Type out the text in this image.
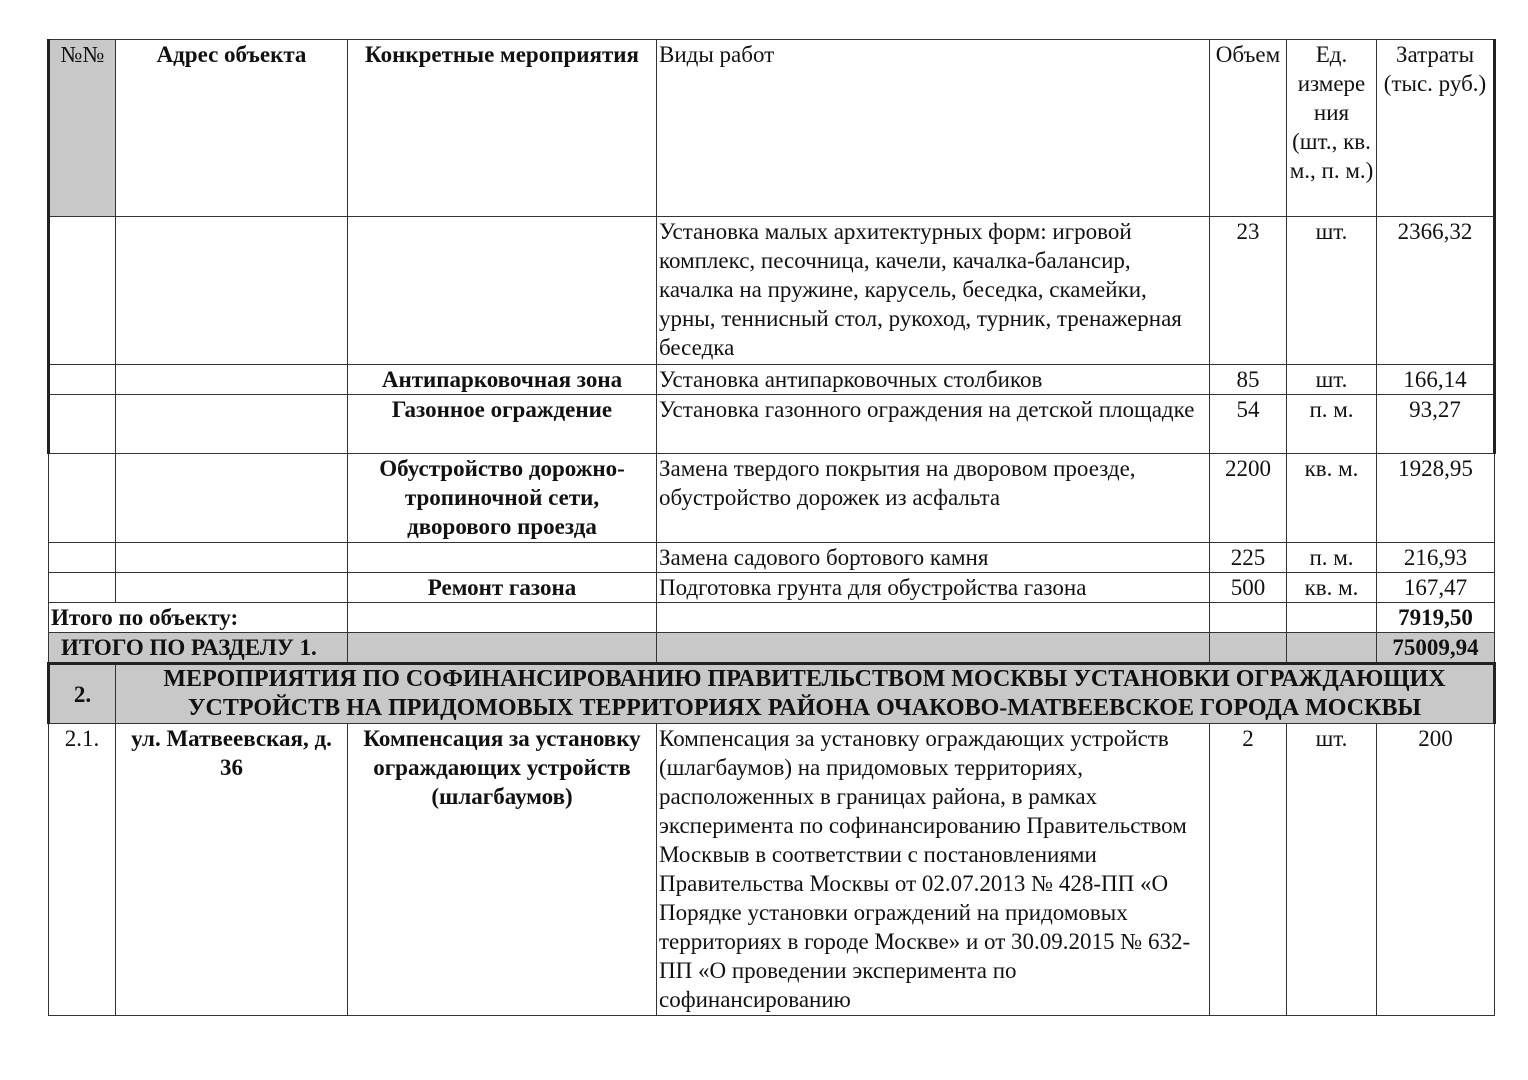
№№	Адрес объекта	Конкретные мероприятия	Виды работ	Объем	Ед. измере ния (шт., кв. м., п. м.)	Затраты (тыс. руб.)
			Установка малых архитектурных форм: игровой комплекс, песочница, качели, качалка-балансир, качалка на пружине, карусель, беседка, скамейки, урны, теннисный стол, рукоход, турник, тренажерная беседка	23	шт.	2366,32
		Антипарковочная зона	Установка антипарковочных столбиков	85	шт.	166,14
		Газонное ограждение	Установка газонного ограждения на детской площадке	54	п. м.	93,27
		Обустройство дорожно-тропиночной сети, дворового проезда	Замена твердого покрытия на дворовом проезде, обустройство дорожек из асфальта	2200	кв. м.	1928,95
			Замена садового бортового камня	225	п. м.	216,93
		Ремонт газона	Подготовка грунта для обустройства газона	500	кв. м.	167,47
Итого по объекту:						7919,50
ИТОГО ПО РАЗДЕЛУ 1.						75009,94
2.	МЕРОПРИЯТИЯ ПО СОФИНАНСИРОВАНИЮ ПРАВИТЕЛЬСТВОМ МОСКВЫ УСТАНОВКИ ОГРАЖДАЮЩИХ УСТРОЙСТВ НА ПРИДОМОВЫХ ТЕРРИТОРИЯХ РАЙОНА ОЧАКОВО-МАТВЕЕВСКОЕ ГОРОДА МОСКВЫ					
2.1.	ул. Матвеевская, д. 36	Компенсация за установку ограждающих устройств (шлагбаумов)	Компенсация за установку ограждающих устройств (шлагбаумов) на придомовых территориях, расположенных в границах района, в рамках эксперимента по софинансированию Правительством Москвыв в соответствии с постановлениями Правительства Москвы от 02.07.2013 № 428-ПП «О Порядке установки ограждений на придомовых территориях в городе Москве» и от 30.09.2015 № 632-ПП «О проведении эксперимента по софинансированию	2	шт.	200
